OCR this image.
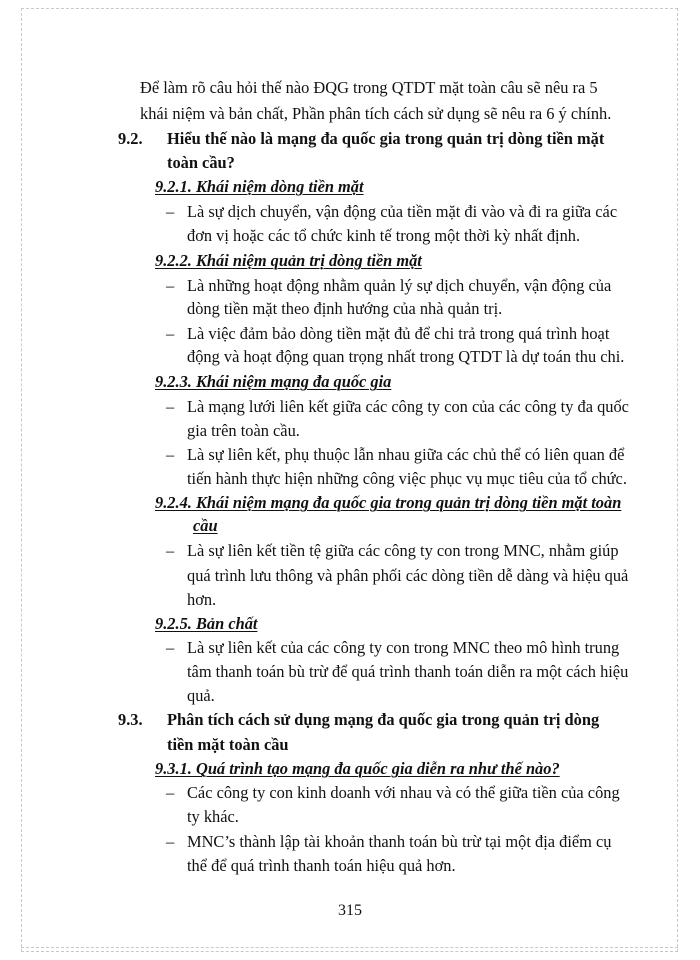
Để làm rõ câu hỏi thế nào ĐQG trong QTDT mặt toàn câu sẽ nêu ra 5
khái niệm và bản chất, Phần phân tích cách sử dụng sẽ nêu ra 6 ý chính.
9.2. Hiểu thế nào là mạng đa quốc gia trong quản trị dòng tiền mặt
toàn cầu?
9.2.1. Khái niệm dòng tiền mặt
– Là sự dịch chuyển, vận động của tiền mặt đi vào và đi ra giữa các
đơn vị hoặc các tổ chức kinh tế trong một thời kỳ nhất định.
9.2.2. Khái niệm quản trị dòng tiền mặt
– Là những hoạt động nhằm quản lý sự dịch chuyển, vận động của
dòng tiền mặt theo định hướng của nhà quản trị.
– Là việc đảm bảo dòng tiền mặt đủ để chi trả trong quá trình hoạt
động và hoạt động quan trọng nhất trong QTDT là dự toán thu chi.
9.2.3. Khái niệm mạng đa quốc gia
– Là mạng lưới liên kết giữa các công ty con của các công ty đa quốc
gia trên toàn cầu.
– Là sự liên kết, phụ thuộc lẫn nhau giữa các chủ thể có liên quan để
tiến hành thực hiện những công việc phục vụ mục tiêu của tổ chức.
9.2.4. Khái niệm mạng đa quốc gia trong quản trị dòng tiền mặt toàn
cầu
– Là sự liên kết tiền tệ giữa các công ty con trong MNC, nhằm giúp
quá trình lưu thông và phân phối các dòng tiền dễ dàng và hiệu quả
hơn.
9.2.5. Bản chất
– Là sự liên kết của các công ty con trong MNC theo mô hình trung
tâm thanh toán bù trừ để quá trình thanh toán diễn ra một cách hiệu
quả.
9.3. Phân tích cách sử dụng mạng đa quốc gia trong quản trị dòng
tiền mặt toàn cầu
9.3.1. Quá trình tạo mạng đa quốc gia diễn ra như thế nào?
– Các công ty con kinh doanh với nhau và có thể giữa tiền của công
ty khác.
– MNC’s thành lập tài khoản thanh toán bù trừ tại một địa điểm cụ
thể để quá trình thanh toán hiệu quả hơn.
315
